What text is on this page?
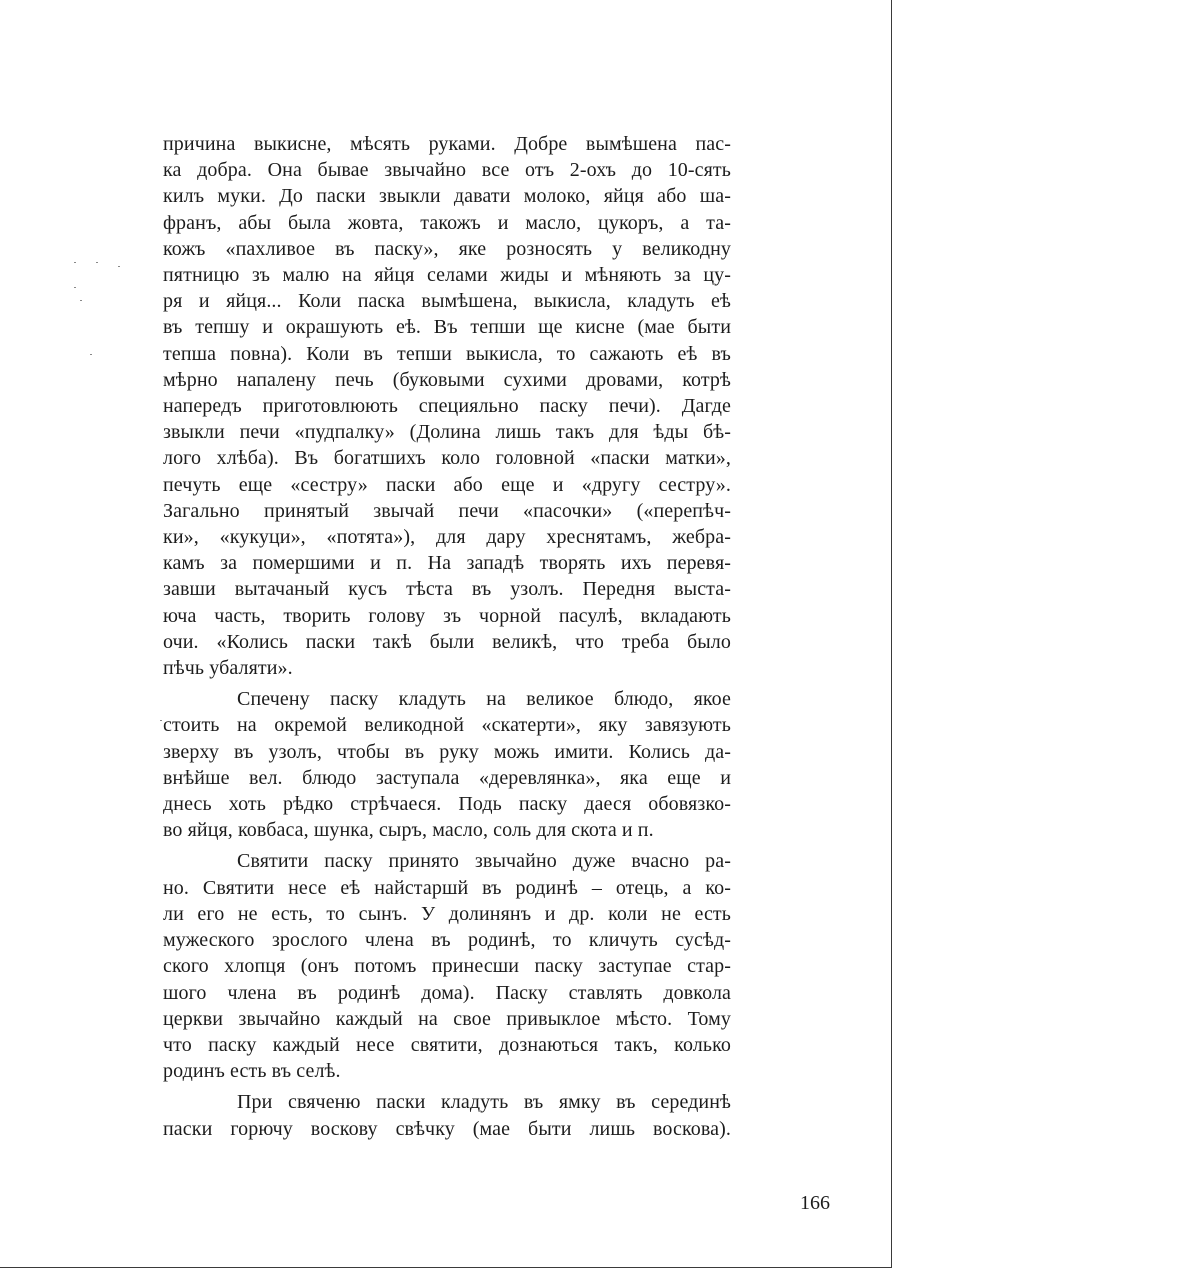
причина выкисне, мѣсять руками. Добре вымѣшена пас-
ка добра. Она бывае звычайно все отъ 2-охъ до 10-сять
килъ муки. До паски звыкли давати молоко, яйця або ша-
франъ, абы была жовта, такожъ и масло, цукоръ, а та-
кожъ «пахливое въ паску», яке розносять у великодну
пятницю зъ малю на яйця селами жиды и мѣняють за цу-
ря и яйця... Коли паска вымѣшена, выкисла, кладуть еѣ
въ тепшу и окрашують еѣ. Въ тепши ще кисне (мае быти
тепша повна). Коли въ тепши выкисла, то сажають еѣ въ
мѣрно напалену печь (буковыми сухими дровами, котрѣ
напередъ приготовлюють специяльно паску печи). Дагде
звыкли печи «пудпалку» (Долина лишь такъ для ѣды бѣ-
лого хлѣба). Въ богатшихъ коло головной «паски матки»,
печуть еще «сестру» паски або еще и «другу сестру».
Загально принятый звычай печи «пасочки» («перепѣч-
ки», «кукуци», «потята»), для дару хреснятамъ, жебра-
камъ за помершими и п. На западѣ творять ихъ перевя-
завши вытачаный кусъ тѣста въ узолъ. Передня выста-
юча часть, творить голову зъ чорной пасулѣ, вкладають
очи. «Колись паски такѣ были великѣ, что треба было
пѣчь убаляти».

Спечену паску кладуть на великое блюдо, якое
стоить на окремой великодной «скатерти», яку завязують
зверху въ узолъ, чтобы въ руку можь имити. Колись да-
внѣйше вел. блюдо заступала «деревлянка», яка еще и
днесь хоть рѣдко стрѣчаеся. Подь паску даеся обовязко-
во яйця, ковбаса, шунка, сыръ, масло, соль для скота и п.

Святити паску принято звычайно дуже вчасно ра-
но. Святити несе еѣ найстаршй въ родинѣ – отець, а ко-
ли его не есть, то сынъ. У долинянъ и др. коли не есть
мужеского зрослого члена въ родинѣ, то кличуть сусѣд-
ского хлопця (онъ потомъ принесши паску заступае стар-
шого члена въ родинѣ дома). Паску ставлять довкола
церкви звычайно каждый на свое привыклое мѣсто. Тому
что паску каждый несе святити, дознаються такъ, колько
родинъ есть въ селѣ.

При свяченю паски кладуть въ ямку въ серединѣ
паски горючу воскову свѣчку (мае быти лишь воскова).

166
